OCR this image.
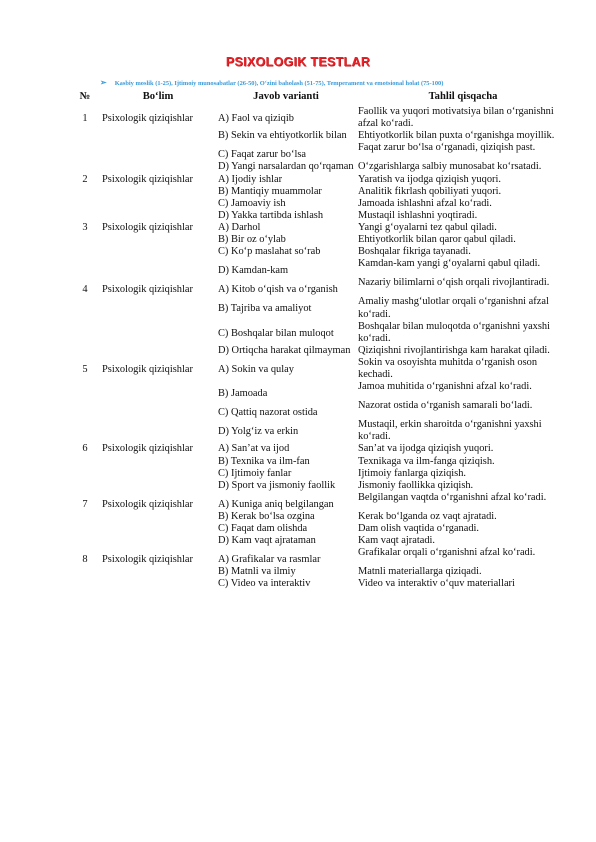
PSIXOLOGIK TESTLAR
➢ Kasbiy moslik (1-25), Ijtimoiy munosabatlar (26-50), O‘zini baholash (51-75), Temperament va emotsional holat (75-100)
№	Bo‘lim	Javob varianti	Tahlil qisqacha
1	Psixologik qiziqishlar	A) Faol va qiziqib	Faollik va yuqori motivatsiya bilan o‘rganishni afzal ko‘radi.
		B) Sekin va ehtiyotkorlik bilan	Ehtiyotkorlik bilan puxta o‘rganishga moyillik.
		C) Faqat zarur bo‘lsa	Faqat zarur bo‘lsa o‘rganadi, qiziqish past.
		D) Yangi narsalardan qo‘rqaman	O‘zgarishlarga salbiy munosabat ko‘rsatadi.
2	Psixologik qiziqishlar	A) Ijodiy ishlar	Yaratish va ijodga qiziqish yuqori.
		B) Mantiqiy muammolar	Analitik fikrlash qobiliyati yuqori.
		C) Jamoaviy ish	Jamoada ishlashni afzal ko‘radi.
		D) Yakka tartibda ishlash	Mustaqil ishlashni yoqtiradi.
3	Psixologik qiziqishlar	A) Darhol	Yangi g‘oyalarni tez qabul qiladi.
		B) Bir oz o‘ylab	Ehtiyotkorlik bilan qaror qabul qiladi.
		C) Ko‘p maslahat so‘rab	Boshqalar fikriga tayanadi.
		D) Kamdan-kam	Kamdan-kam yangi g‘oyalarni qabul qiladi.
4	Psixologik qiziqishlar	A) Kitob o‘qish va o‘rganish	Nazariy bilimlarni o‘qish orqali rivojlantiradi.
		B) Tajriba va amaliyot	Amaliy mashg‘ulotlar orqali o‘rganishni afzal ko‘radi.
		C) Boshqalar bilan muloqot	Boshqalar bilan muloqotda o‘rganishni yaxshi ko‘radi.
		D) Ortiqcha harakat qilmayman	Qiziqishni rivojlantirishga kam harakat qiladi.
5	Psixologik qiziqishlar	A) Sokin va qulay	Sokin va osoyishta muhitda o‘rganish oson kechadi.
		B) Jamoada	Jamoa muhitida o‘rganishni afzal ko‘radi.
		C) Qattiq nazorat ostida	Nazorat ostida o‘rganish samarali bo‘ladi.
		D) Yolg‘iz va erkin	Mustaqil, erkin sharoitda o‘rganishni yaxshi ko‘radi.
6	Psixologik qiziqishlar	A) San’at va ijod	San’at va ijodga qiziqish yuqori.
		B) Texnika va ilm-fan	Texnikaga va ilm-fanga qiziqish.
		C) Ijtimoiy fanlar	Ijtimoiy fanlarga qiziqish.
		D) Sport va jismoniy faollik	Jismoniy faollikka qiziqish.
7	Psixologik qiziqishlar	A) Kuniga aniq belgilangan	Belgilangan vaqtda o‘rganishni afzal ko‘radi.
		B) Kerak bo‘lsa ozgina	Kerak bo‘lganda oz vaqt ajratadi.
		C) Faqat dam olishda	Dam olish vaqtida o‘rganadi.
		D) Kam vaqt ajrataman	Kam vaqt ajratadi.
8	Psixologik qiziqishlar	A) Grafikalar va rasmlar	Grafikalar orqali o‘rganishni afzal ko‘radi.
		B) Matnli va ilmiy	Matnli materiallarga qiziqadi.
		C) Video va interaktiv	Video va interaktiv o‘quv materiallari
